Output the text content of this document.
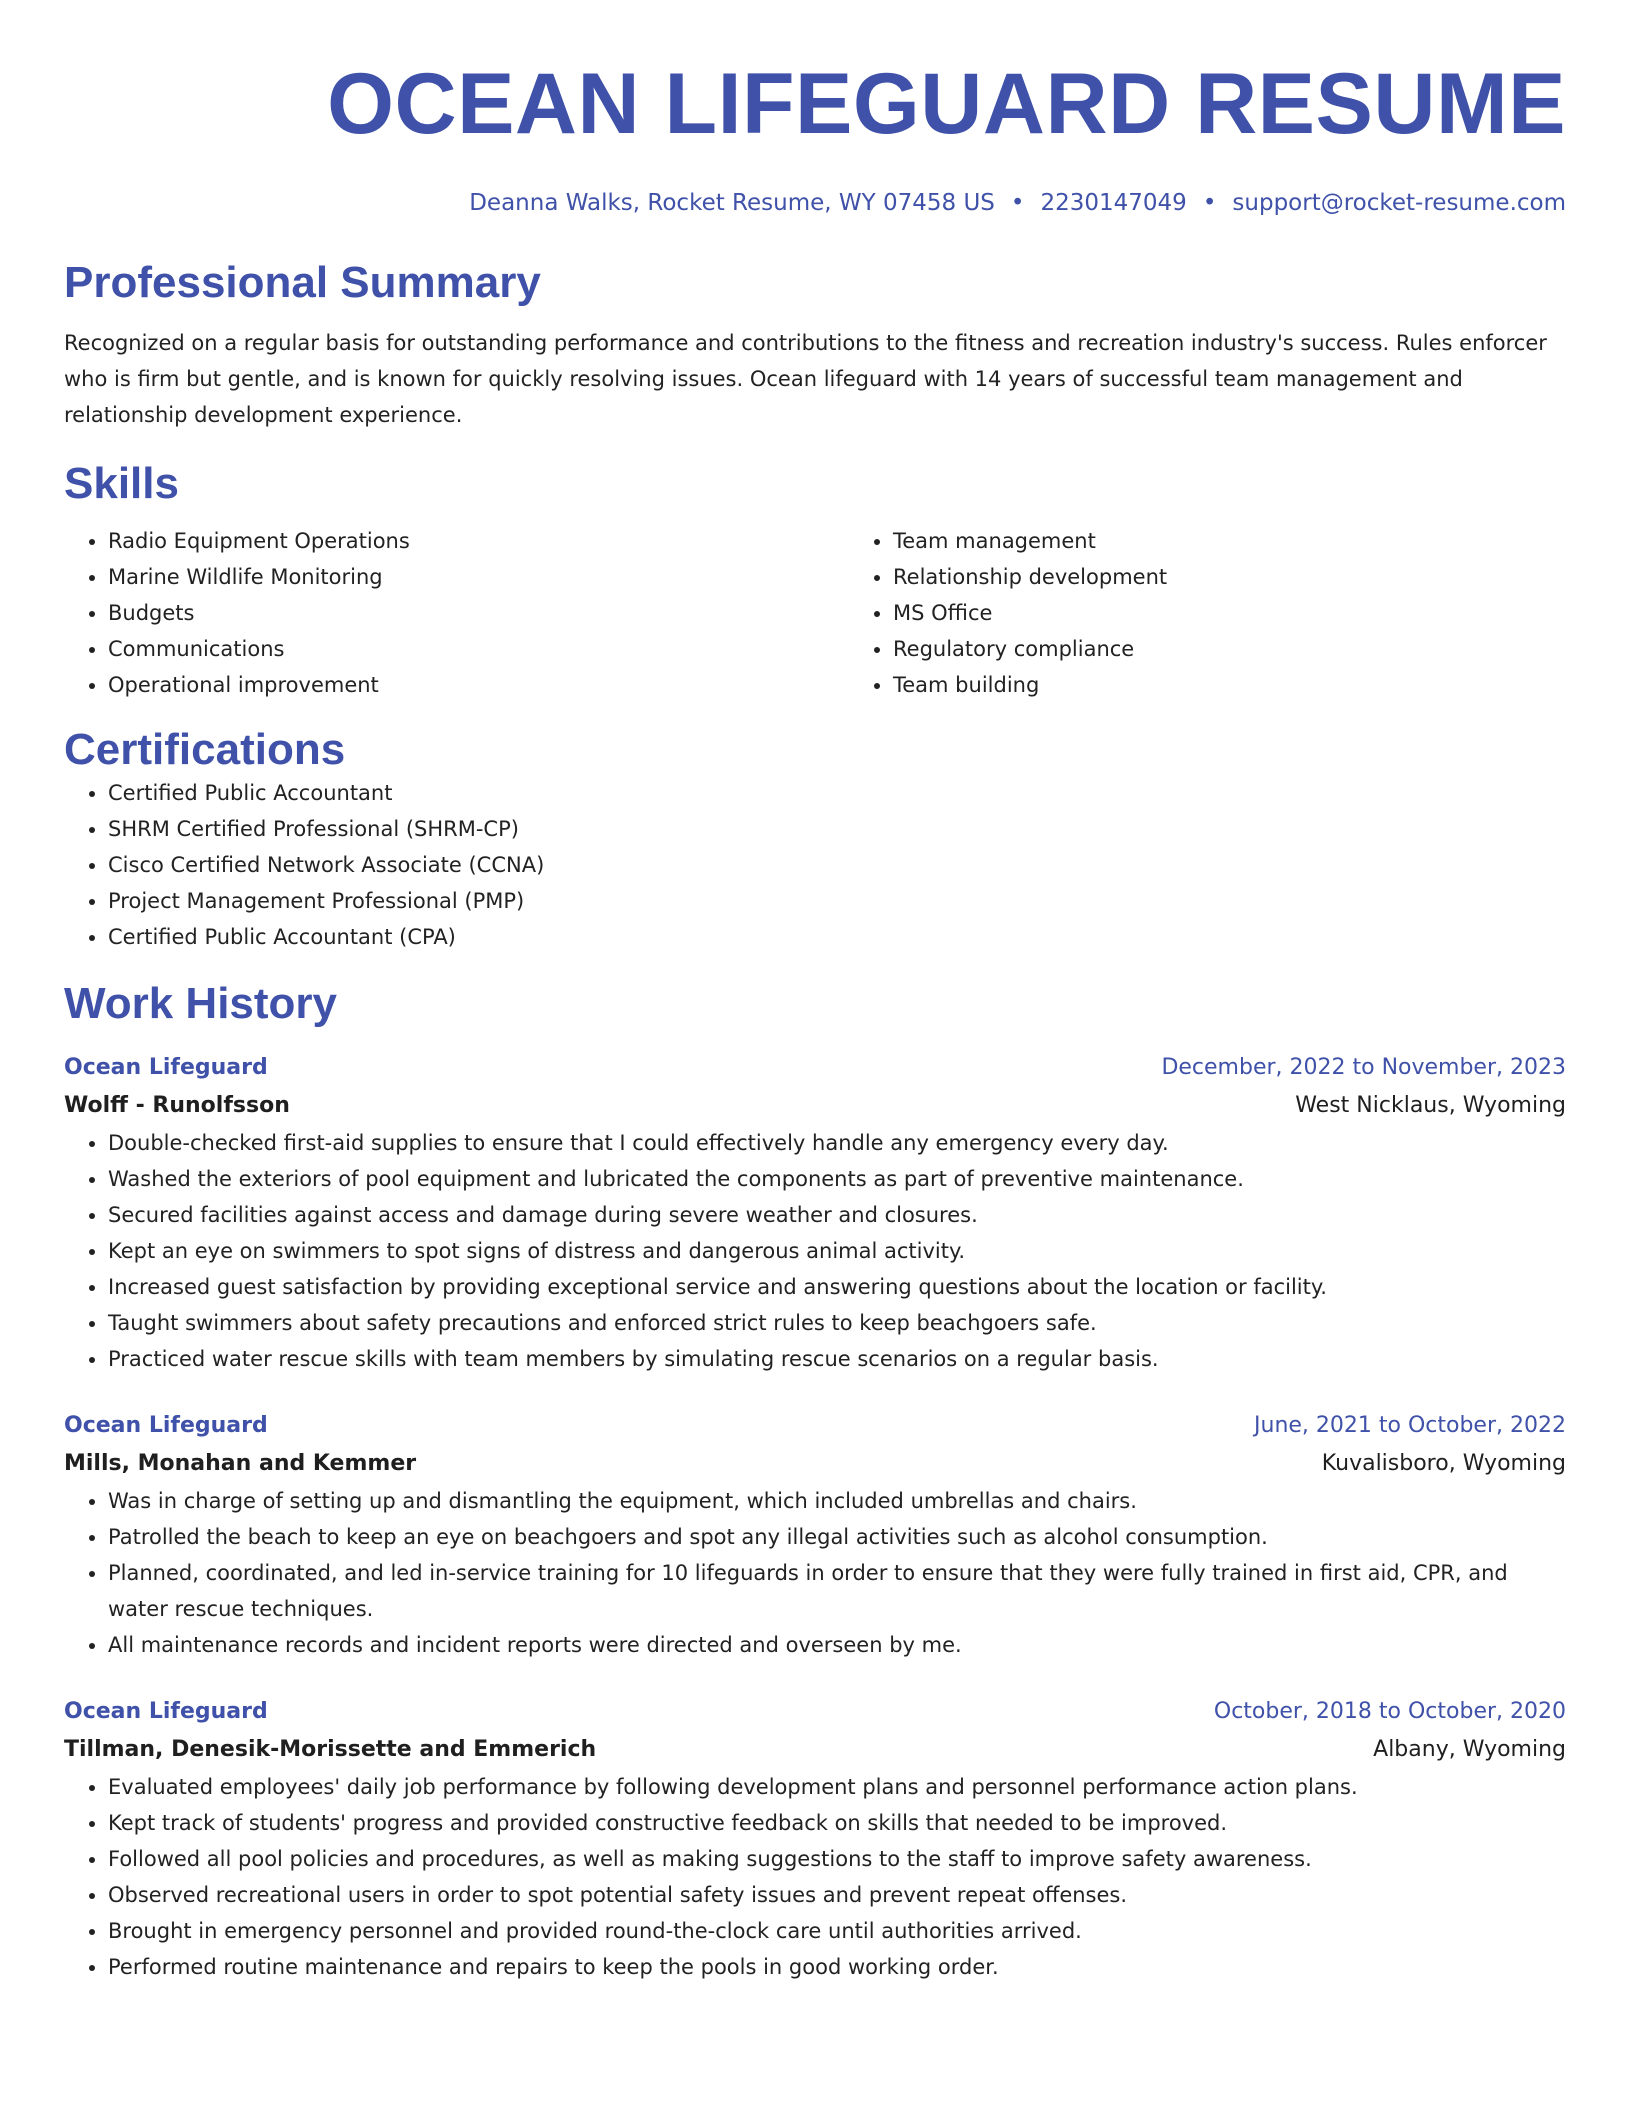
OCEAN LIFEGUARD RESUME
Deanna Walks, Rocket Resume, WY 07458 US • 2230147049 • support@rocket-resume.com
Professional Summary
Recognized on a regular basis for outstanding performance and contributions to the fitness and recreation industry's success. Rules enforcer who is firm but gentle, and is known for quickly resolving issues. Ocean lifeguard with 14 years of successful team management and relationship development experience.
Skills
• Radio Equipment Operations
• Marine Wildlife Monitoring
• Budgets
• Communications
• Operational improvement
• Team management
• Relationship development
• MS Office
• Regulatory compliance
• Team building
Certifications
• Certified Public Accountant
• SHRM Certified Professional (SHRM-CP)
• Cisco Certified Network Associate (CCNA)
• Project Management Professional (PMP)
• Certified Public Accountant (CPA)
Work History
Ocean Lifeguard	December, 2022 to November, 2023
Wolff - Runolfsson	West Nicklaus, Wyoming
• Double-checked first-aid supplies to ensure that I could effectively handle any emergency every day.
• Washed the exteriors of pool equipment and lubricated the components as part of preventive maintenance.
• Secured facilities against access and damage during severe weather and closures.
• Kept an eye on swimmers to spot signs of distress and dangerous animal activity.
• Increased guest satisfaction by providing exceptional service and answering questions about the location or facility.
• Taught swimmers about safety precautions and enforced strict rules to keep beachgoers safe.
• Practiced water rescue skills with team members by simulating rescue scenarios on a regular basis.
Ocean Lifeguard	June, 2021 to October, 2022
Mills, Monahan and Kemmer	Kuvalisboro, Wyoming
• Was in charge of setting up and dismantling the equipment, which included umbrellas and chairs.
• Patrolled the beach to keep an eye on beachgoers and spot any illegal activities such as alcohol consumption.
• Planned, coordinated, and led in-service training for 10 lifeguards in order to ensure that they were fully trained in first aid, CPR, and water rescue techniques.
• All maintenance records and incident reports were directed and overseen by me.
Ocean Lifeguard	October, 2018 to October, 2020
Tillman, Denesik-Morissette and Emmerich	Albany, Wyoming
• Evaluated employees' daily job performance by following development plans and personnel performance action plans.
• Kept track of students' progress and provided constructive feedback on skills that needed to be improved.
• Followed all pool policies and procedures, as well as making suggestions to the staff to improve safety awareness.
• Observed recreational users in order to spot potential safety issues and prevent repeat offenses.
• Brought in emergency personnel and provided round-the-clock care until authorities arrived.
• Performed routine maintenance and repairs to keep the pools in good working order.
